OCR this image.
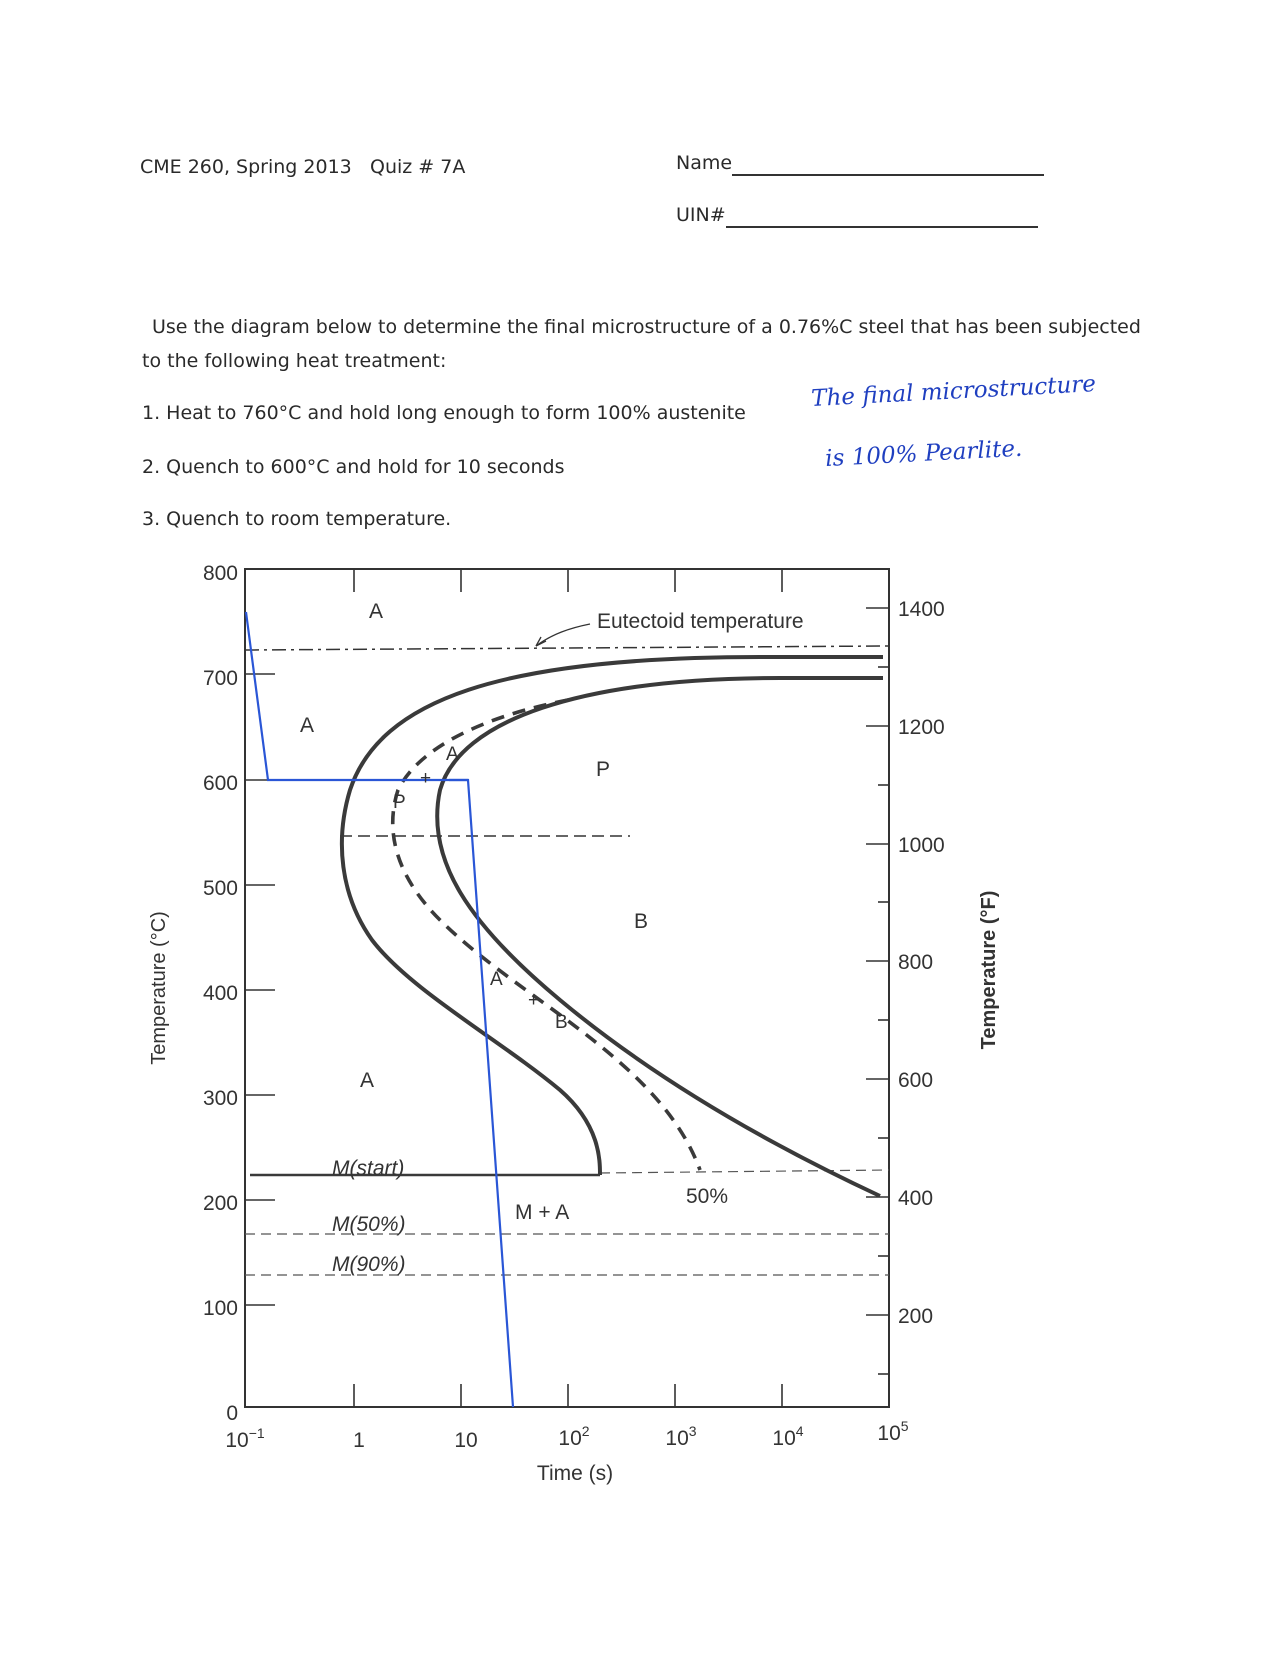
CME 260, Spring 2013 Quiz # 7A	Name
UIN#
Use the diagram below to determine the final microstructure of a 0.76%C steel that has been subjected
to the following heat treatment:
1. Heat to 760°C and hold long enough to form 100% austenite
2. Quench to 600°C and hold for 10 seconds
3. Quench to room temperature.
The final microstructure
is 100% Pearlite.
A	Eutectoid temperature
A
A
+
P
P
B
A
+
B
A
M(start)
M + A
50%
M(50%)
M(90%)
800
700
600
500
400
300
200
100
0
1400
1200
1000
800
600
400
200
$10^{-1}$	1	10	$10^2$	$10^3$	$10^4$	$10^5$
Time (s)
Temperature (°C)	Temperature (°F)
